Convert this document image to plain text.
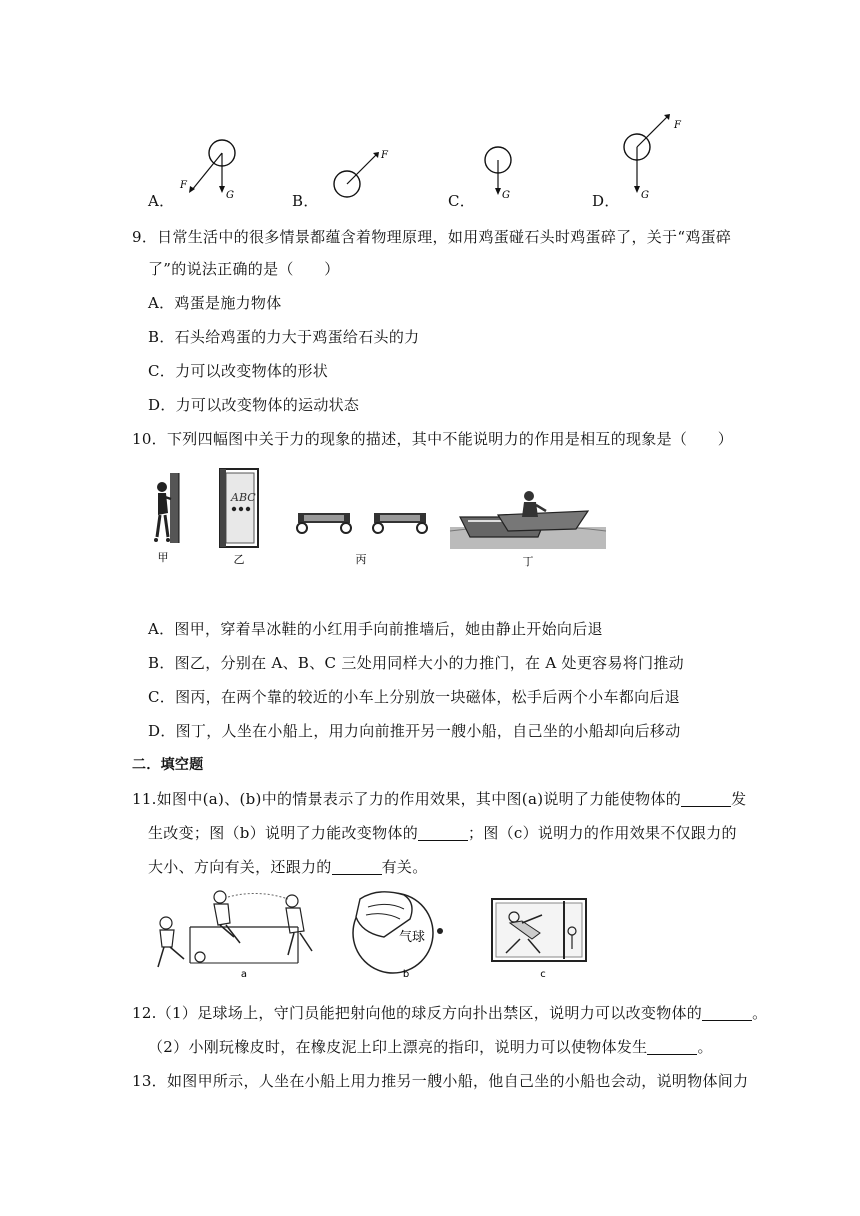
A．
F
G	B．
F
C．	G	D．
F
G
9．日常生活中的很多情景都蕴含着物理原理，如用鸡蛋碰石头时鸡蛋碎了，关于“鸡蛋碎
了”的说法正确的是（　　）
A．鸡蛋是施力物体
B．石头给鸡蛋的力大于鸡蛋给石头的力
C．力可以改变物体的形状
D．力可以改变物体的运动状态
10．下列四幅图中关于力的现象的描述，其中不能说明力的作用是相互的现象是（　　）
甲
ABC
乙	丙	丁
A．图甲，穿着旱冰鞋的小红用手向前推墙后，她由静止开始向后退
B．图乙，分别在 A、B、C 三处用同样大小的力推门，在 A 处更容易将门推动
C．图丙，在两个靠的较近的小车上分别放一块磁体，松手后两个小车都向后退
D．图丁，人坐在小船上，用力向前推开另一艘小船，自己坐的小船却向后移动
二．填空题
11.如图中(a)、(b)中的情景表示了力的作用效果，其中图(a)说明了力能使物体的	发
生改变；图（b）说明了力能改变物体的	；图（c）说明力的作用效果不仅跟力的
大小、方向有关，还跟力的	有关。
a
气球
b	c
12.（1）足球场上，守门员能把射向他的球反方向扑出禁区，说明力可以改变物体的	。
（2）小刚玩橡皮时，在橡皮泥上印上漂亮的指印，说明力可以使物体发生	。
13．如图甲所示，人坐在小船上用力推另一艘小船，他自己坐的小船也会动，说明物体间力
